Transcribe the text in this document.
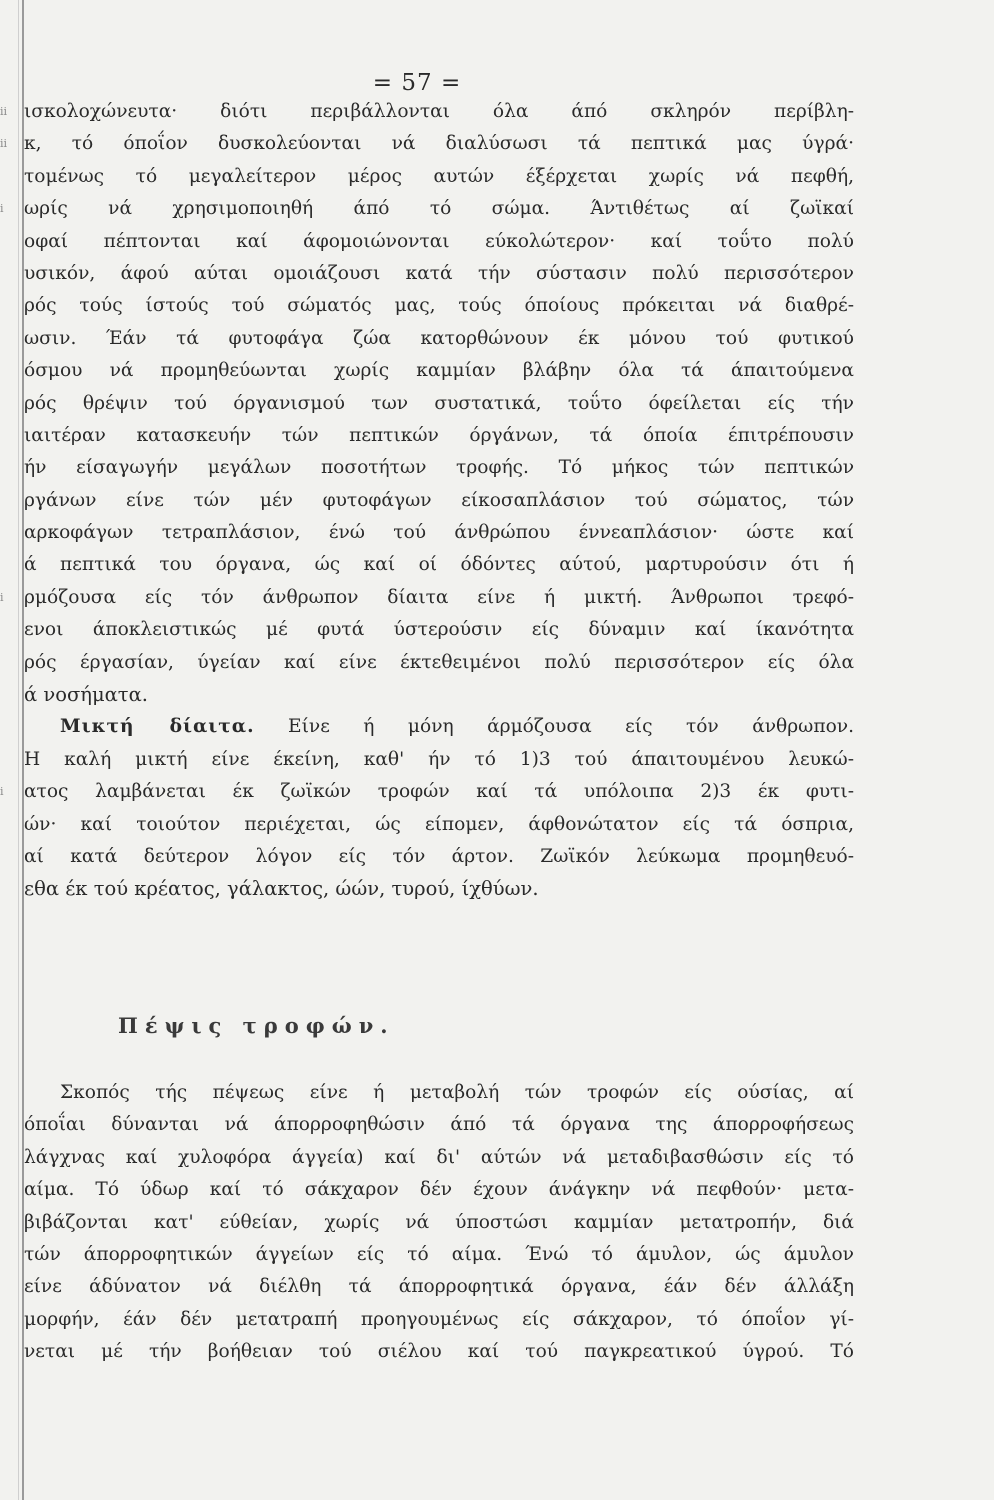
= 57 =
ισκολοχώνευτα· διότι περιβάλλονται όλα άπό σκληρόν περίβλη-
κ, τό όποΐον δυσκολεύονται νά διαλύσωσι τά πεπτικά μας ύγρά·
τομένως τό μεγαλείτερον μέρος αυτών έξέρχεται χωρίς νά πεφθή,
ωρίς νά χρησιμοποιηθή άπό τό σώμα. Άντιθέτως αί ζωϊκαί
οφαί πέπτονται καί άφομοιώνονται εύκολώτερον· καί τοΰτο πολύ
υσικόν, άφού αύται ομοιάζουσι κατά τήν σύστασιν πολύ περισσότερον
ρός τούς ίστούς τού σώματός μας, τούς όποίους πρόκειται νά διαθρέ-
ωσιν. Έάν τά φυτοφάγα ζώα κατορθώνουν έκ μόνου τού φυτικού
όσμου νά προμηθεύωνται χωρίς καμμίαν βλάβην όλα τά άπαιτούμενα
ρός θρέψιν τού όργανισμού των συστατικά, τοΰτο όφείλεται είς τήν
ιαιτέραν κατασκευήν τών πεπτικών όργάνων, τά όποία έπιτρέπουσιν
ήν είσαγωγήν μεγάλων ποσοτήτων τροφής. Τό μήκος τών πεπτικών
ργάνων είνε τών μέν φυτοφάγων είκοσαπλάσιον τού σώματος, τών
αρκοφάγων τετραπλάσιον, ένώ τού άνθρώπου έννεαπλάσιον· ώστε καί
ά πεπτικά του όργανα, ώς καί οί όδόντες αύτού, μαρτυρούσιν ότι ή
ρμόζουσα είς τόν άνθρωπον δίαιτα είνε ή μικτή. Άνθρωποι τρεφό-
ενοι άποκλειστικώς μέ φυτά ύστερούσιν είς δύναμιν καί ίκανότητα
ρός έργασίαν, ύγείαν καί είνε έκτεθειμένοι πολύ περισσότερον είς όλα
ά νοσήματα.
Μικτή δίαιτα. Είνε ή μόνη άρμόζουσα είς τόν άνθρωπον.
Η καλή μικτή είνε έκείνη, καθ' ήν τό 1)3 τού άπαιτουμένου λευκώ-
ατος λαμβάνεται έκ ζωϊκών τροφών καί τά υπόλοιπα 2)3 έκ φυτι-
ών· καί τοιούτον περιέχεται, ώς είπομεν, άφθονώτατον είς τά όσπρια,
αί κατά δεύτερον λόγον είς τόν άρτον. Ζωϊκόν λεύκωμα προμηθευό-
εθα έκ τού κρέατος, γάλακτος, ώών, τυρού, ίχθύων.
Πέψις τροφών.
Σκοπός τής πέψεως είνε ή μεταβολή τών τροφών είς ούσίας, αί
όποΐαι δύνανται νά άπορροφηθώσιν άπό τά όργανα της άπορροφήσεως
λάγχνας καί χυλοφόρα άγγεία) καί δι' αύτών νά μεταδιβασθώσιν είς τό
αίμα. Τό ύδωρ καί τό σάκχαρον δέν έχουν άνάγκην νά πεφθούν· μετα-
βιβάζονται κατ' εύθείαν, χωρίς νά ύποστώσι καμμίαν μετατροπήν, διά
τών άπορροφητικών άγγείων είς τό αίμα. Ένώ τό άμυλον, ώς άμυλον
είνε άδύνατον νά διέλθη τά άπορροφητικά όργανα, έάν δέν άλλάξη
μορφήν, έάν δέν μετατραπή προηγουμένως είς σάκχαρον, τό όποΐον γί-
νεται μέ τήν βοήθειαν τού σιέλου καί τού παγκρεατικού ύγρού. Τό
ii
ii
i
i
i
